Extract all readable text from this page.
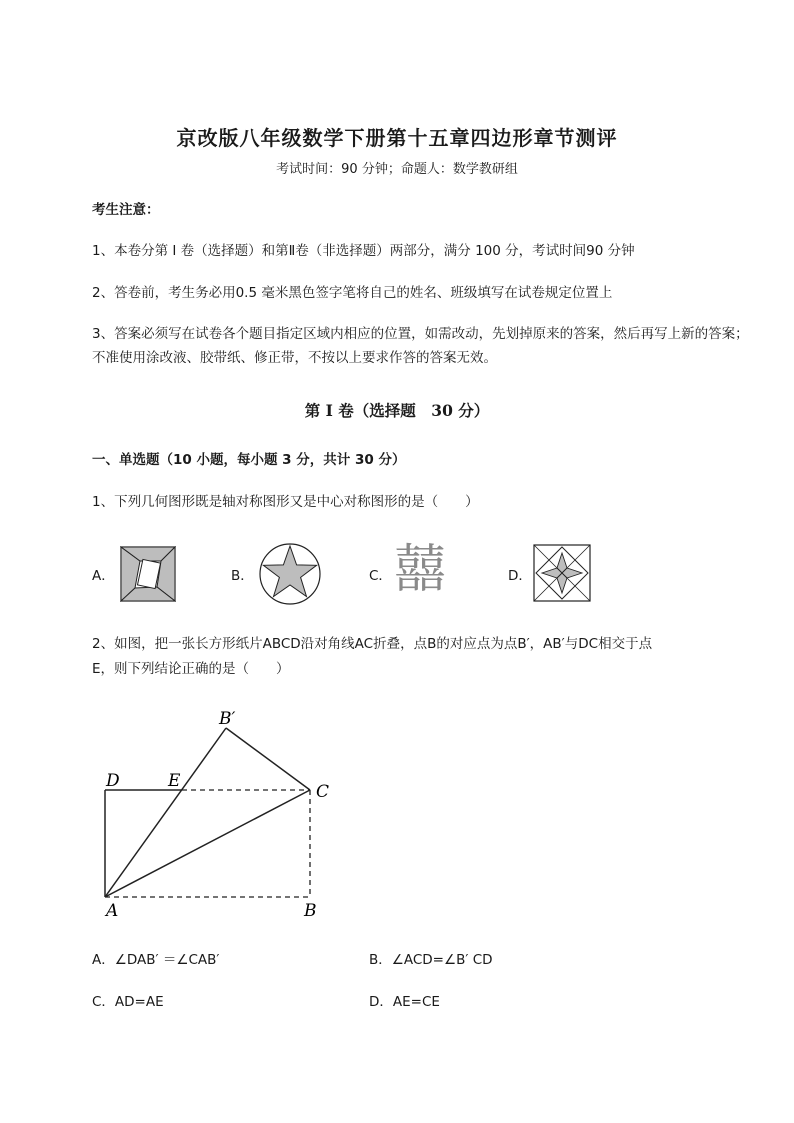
京改版八年级数学下册第十五章四边形章节测评
考试时间：90 分钟；命题人：数学教研组
考生注意：
1、本卷分第 I 卷（选择题）和第Ⅱ卷（非选择题）两部分，满分 100 分，考试时间90 分钟
2、答卷前，考生务必用0.5 毫米黑色签字笔将自己的姓名、班级填写在试卷规定位置上
3、答案必须写在试卷各个题目指定区域内相应的位置，如需改动，先划掉原来的答案，然后再写上新的答案；不准使用涂改液、胶带纸、修正带，不按以上要求作答的答案无效。
第 I 卷（选择题　30 分）
一、单选题（10 小题，每小题 3 分，共计 30 分）
1、下列几何图形既是轴对称图形又是中心对称图形的是（　　）
A．	B．	C． 囍	D．
2、如图，把一张长方形纸片ABCD沿对角线AC折叠，点B的对应点为点B′，AB′与DC相交于点
E，则下列结论正确的是（　　）
D	E
C
A	B
B′
A．∠DAB′ ＝∠CAB′	B．∠ACD=∠B′ CD
C．AD=AE	D．AE=CE
